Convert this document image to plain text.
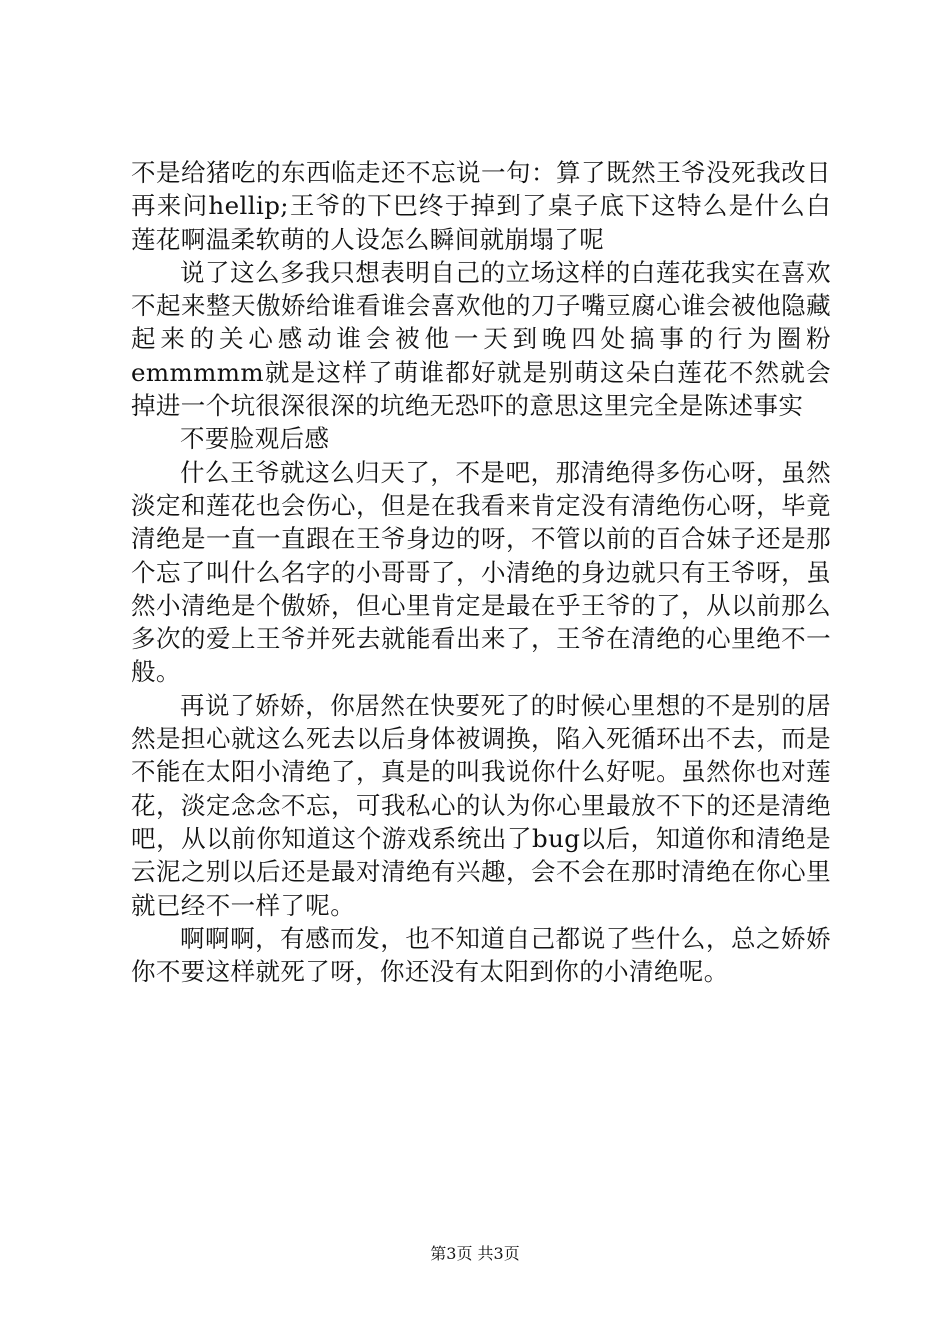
不是给猪吃的东西临走还不忘说一句：算了既然王爷没死我改日再来问hellip;王爷的下巴终于掉到了桌子底下这特么是什么白莲花啊温柔软萌的人设怎么瞬间就崩塌了呢

说了这么多我只想表明自己的立场这样的白莲花我实在喜欢不起来整天傲娇给谁看谁会喜欢他的刀子嘴豆腐心谁会被他隐藏起来的关心感动谁会被他一天到晚四处搞事的行为圈粉emmmmm就是这样了萌谁都好就是别萌这朵白莲花不然就会掉进一个坑很深很深的坑绝无恐吓的意思这里完全是陈述事实

不要脸观后感

什么王爷就这么归天了，不是吧，那清绝得多伤心呀，虽然淡定和莲花也会伤心，但是在我看来肯定没有清绝伤心呀，毕竟清绝是一直一直跟在王爷身边的呀，不管以前的百合妹子还是那个忘了叫什么名字的小哥哥了，小清绝的身边就只有王爷呀，虽然小清绝是个傲娇，但心里肯定是最在乎王爷的了，从以前那么多次的爱上王爷并死去就能看出来了，王爷在清绝的心里绝不一般。

再说了娇娇，你居然在快要死了的时候心里想的不是别的居然是担心就这么死去以后身体被调换，陷入死循环出不去，而是不能在太阳小清绝了，真是的叫我说你什么好呢。虽然你也对莲花，淡定念念不忘，可我私心的认为你心里最放不下的还是清绝吧，从以前你知道这个游戏系统出了bug以后，知道你和清绝是云泥之别以后还是最对清绝有兴趣，会不会在那时清绝在你心里就已经不一样了呢。

啊啊啊，有感而发，也不知道自己都说了些什么，总之娇娇你不要这样就死了呀，你还没有太阳到你的小清绝呢。

第3页 共3页
